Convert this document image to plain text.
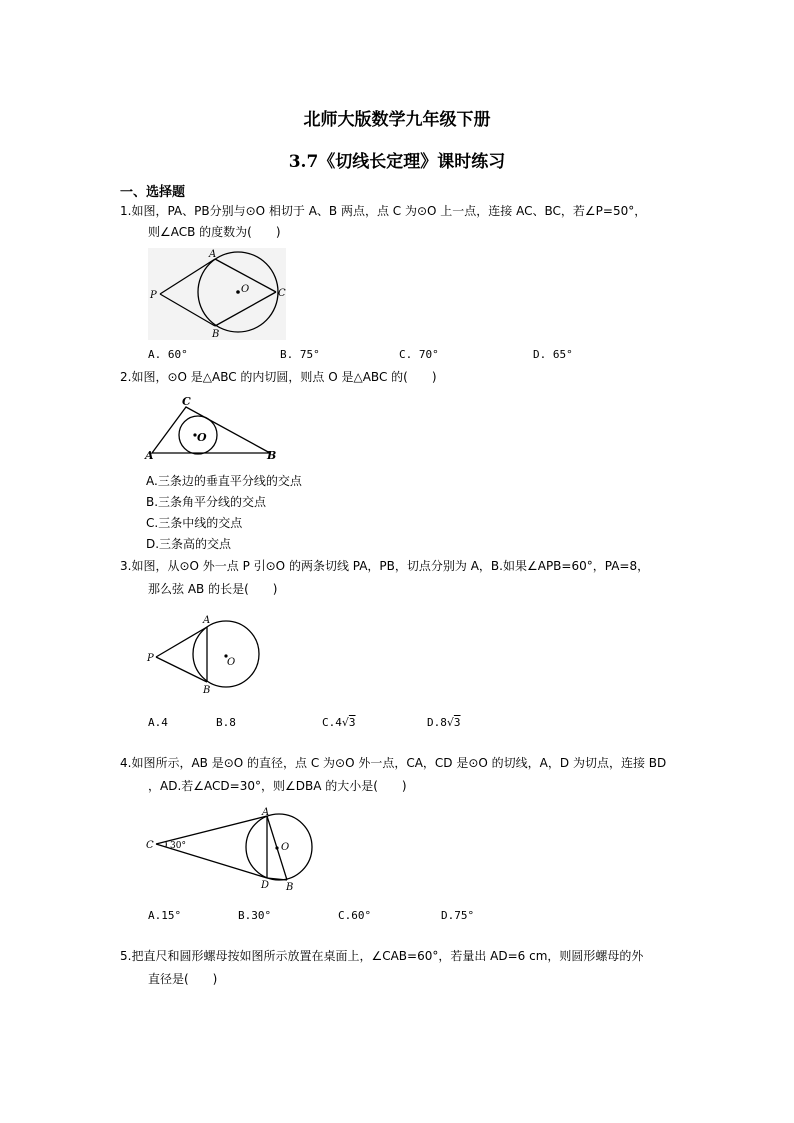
北师大版数学九年级下册
3.7《切线长定理》课时练习
一、选择题
1.如图，PA、PB分别与⊙O 相切于 A、B 两点，点 C 为⊙O 上一点，连接 AC、BC，若∠P=50°，
则∠ACB 的度数为(　　)
A
P
O	C
B
A. 60°	B. 75°	C. 70°	D. 65°
2.如图，⊙O 是△ABC 的内切圆，则点 O 是△ABC 的(　　)
C
O
A	B
A.三条边的垂直平分线的交点
B.三条角平分线的交点
C.三条中线的交点
D.三条高的交点
3.如图，从⊙O 外一点 P 引⊙O 的两条切线 PA，PB，切点分别为 A，B.如果∠APB=60°，PA=8，
那么弦 AB 的长是(　　)
A
P	O
B
A.4	B.8	C.4√3	D.8√3
4.如图所示，AB 是⊙O 的直径，点 C 为⊙O 外一点，CA，CD 是⊙O 的切线，A，D 为切点，连接 BD
，AD.若∠ACD=30°，则∠DBA 的大小是(　　)
A
C 30°	O
D B
A.15°	B.30°	C.60°	D.75°
5.把直尺和圆形螺母按如图所示放置在桌面上，∠CAB=60°，若量出 AD=6 cm，则圆形螺母的外
直径是(　　)
